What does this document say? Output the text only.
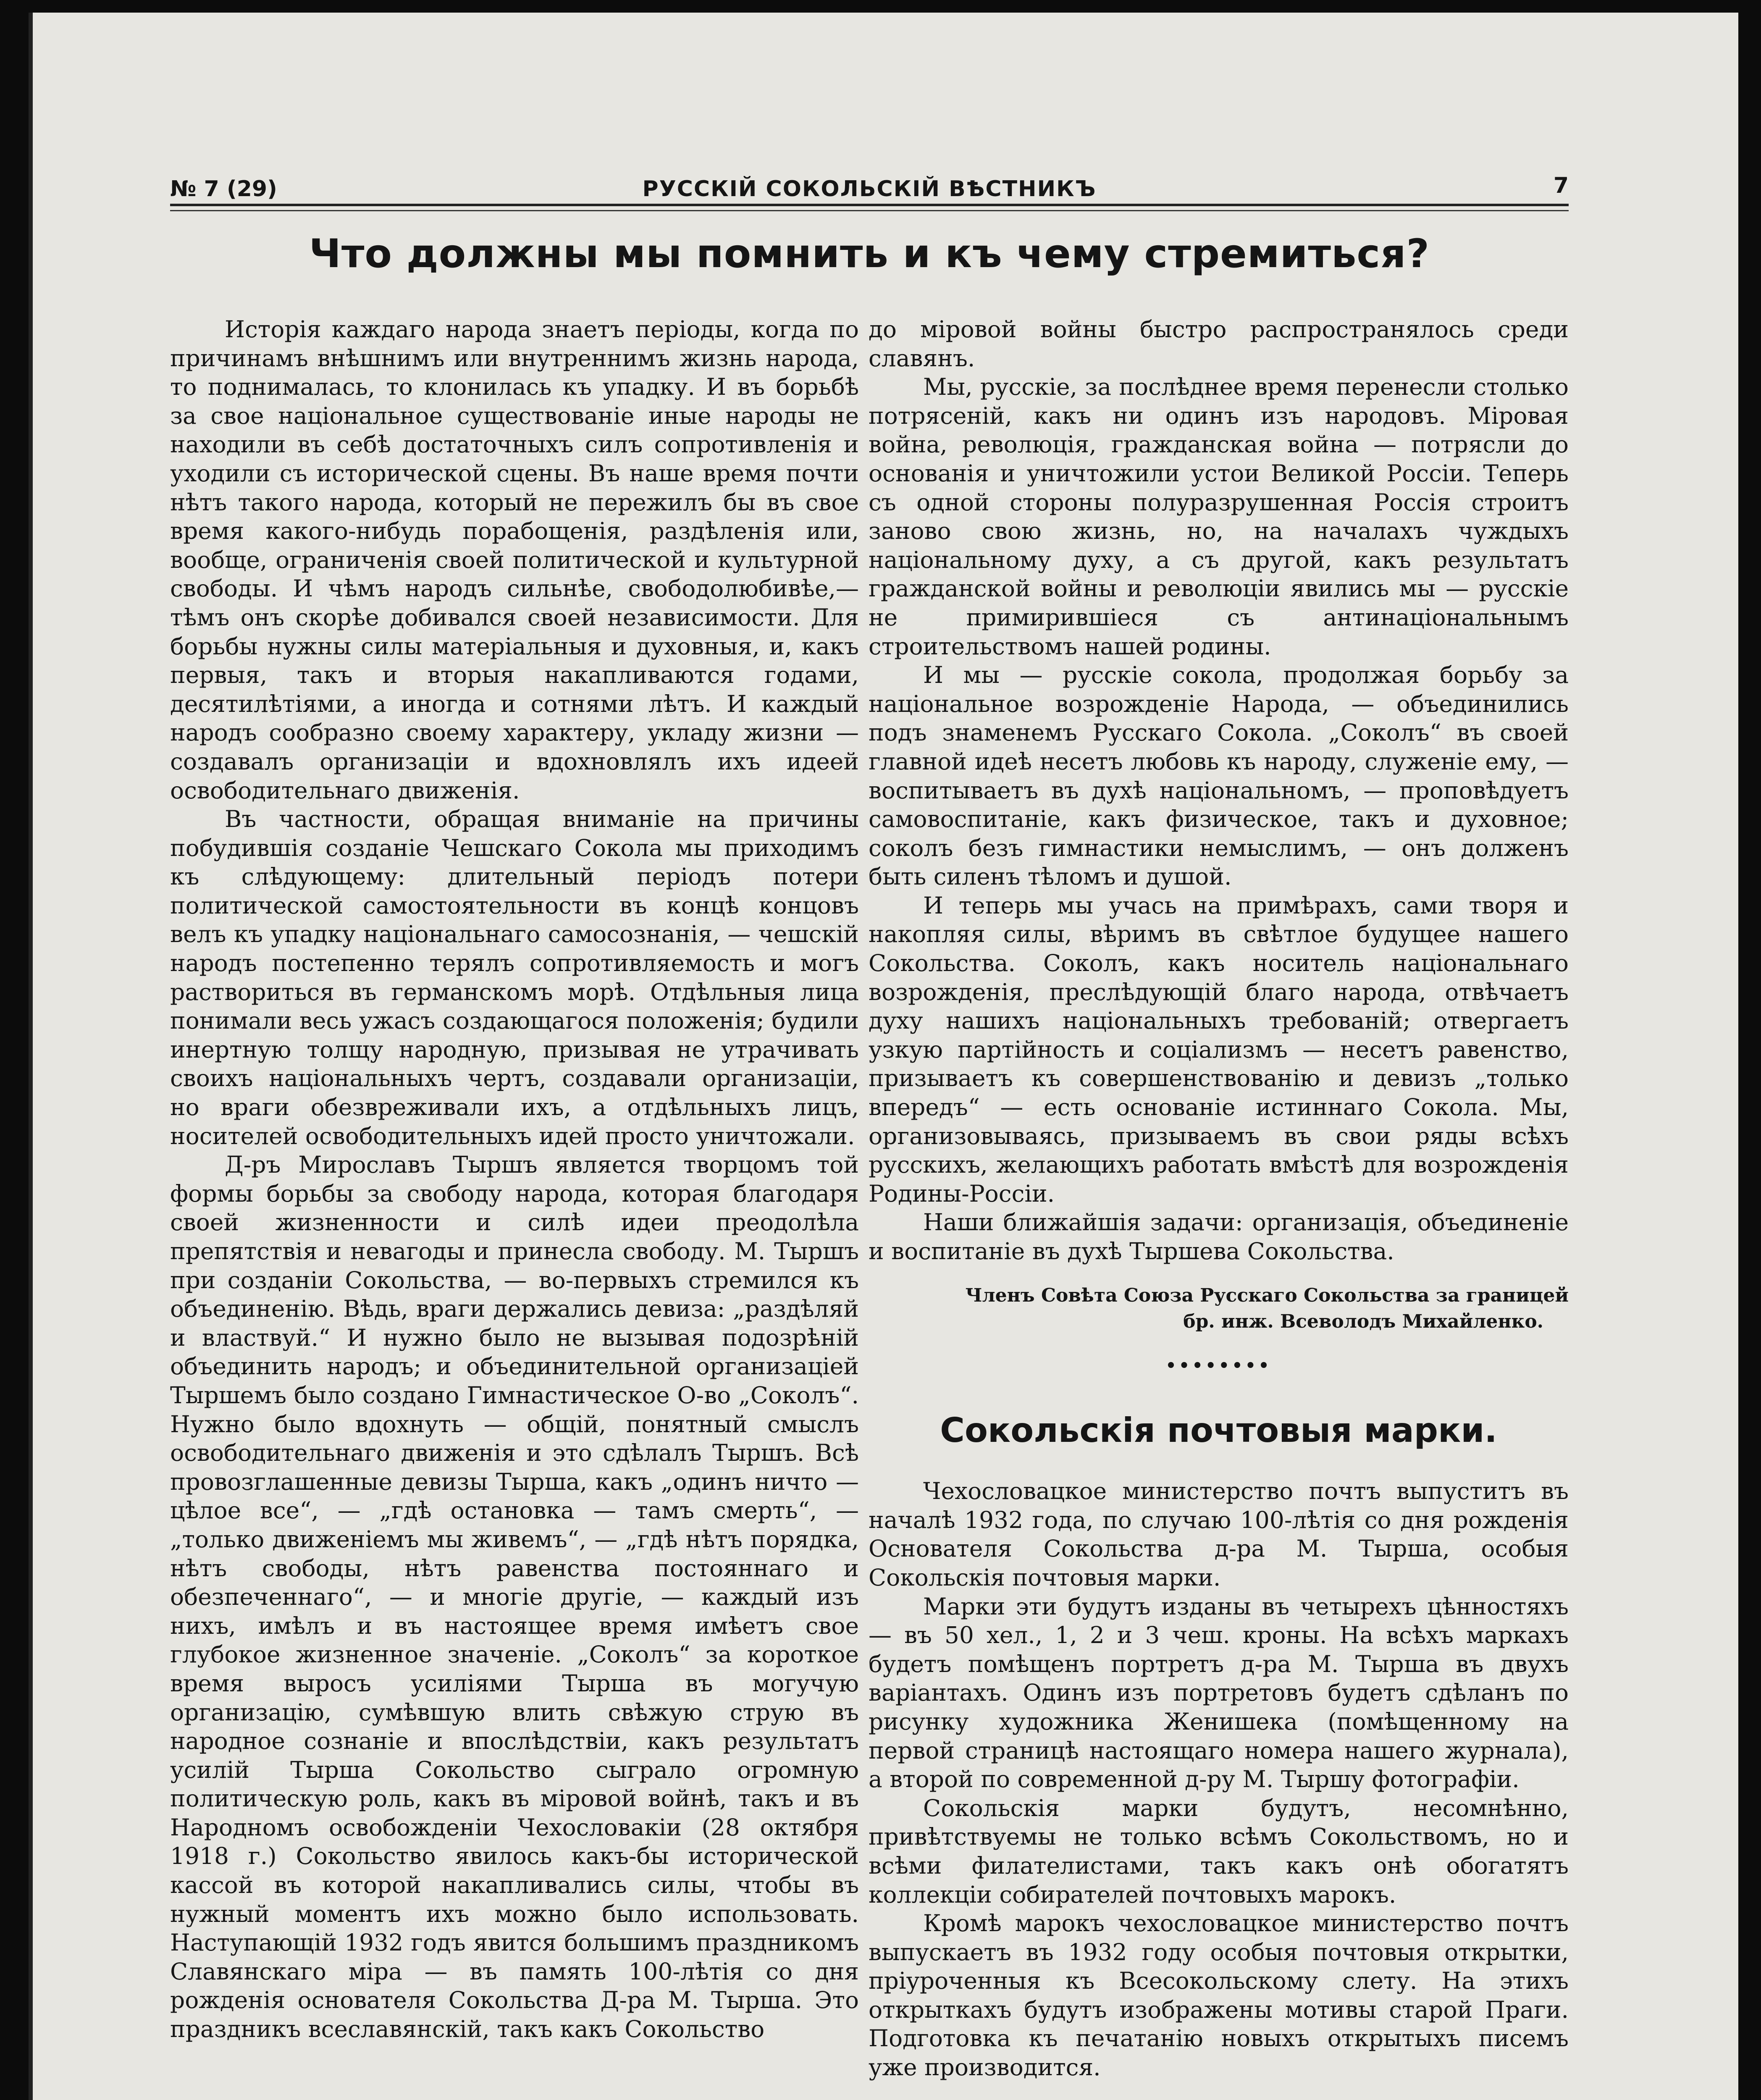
№ 7 (29)	РУССКIЙ СОКОЛЬСКIЙ ВѢСТНИКЪ	7
Что должны мы помнить и къ чему стремиться?

Исторія каждаго народа знаетъ періоды, когда по причинамъ внѣшнимъ или внутреннимъ жизнь народа, то поднималась, то клонилась къ упадку. И въ борьбѣ за свое національное существованіе иные народы не находили въ себѣ достаточныхъ силъ сопротивленія и уходили съ исторической сцены. Въ наше время почти нѣтъ такого народа, который не пережилъ бы въ свое время какого-нибудь порабощенія, раздѣленія или, вообще, ограниченія своей политической и культурной свободы. И чѣмъ народъ сильнѣе, свободолюбивѣе,—тѣмъ онъ скорѣе добивался своей независимости. Для борьбы нужны силы матеріальныя и духовныя, и, какъ первыя, такъ и вторыя накапливаются годами, десятилѣтіями, а иногда и сотнями лѣтъ. И каждый народъ сообразно своему характеру, укладу жизни — создавалъ организаціи и вдохновлялъ ихъ идеей освободительнаго движенія.

Въ частности, обращая вниманіе на причины побудившія созданіе Чешскаго Сокола мы приходимъ къ слѣдующему: длительный періодъ потери политической самостоятельности въ концѣ концовъ велъ къ упадку національнаго самосознанія, — чешскій народъ постепенно терялъ сопротивляемость и могъ раствориться въ германскомъ морѣ. Отдѣльныя лица понимали весь ужасъ создающагося положенія; будили инертную толщу народную, призывая не утрачивать своихъ національныхъ чертъ, создавали организаціи, но враги обезвреживали ихъ, а отдѣльныхъ лицъ, носителей освободительныхъ идей просто уничтожали.

Д-ръ Мирославъ Тыршъ является творцомъ той формы борьбы за свободу народа, которая благодаря своей жизненности и силѣ идеи преодолѣла препятствія и невагоды и принесла свободу. М. Тыршъ при созданіи Сокольства, — во-первыхъ стремился къ объединенію. Вѣдь, враги держались девиза: „раздѣляй и властвуй.“ И нужно было не вызывая подозрѣній объединить народъ; и объединительной организаціей Тыршемъ было создано Гимнастическое О-во „Соколъ“. Нужно было вдохнуть — общій, понятный смыслъ освободительнаго движенія и это сдѣлалъ Тыршъ. Всѣ провозглашенные девизы Тырша, какъ „одинъ ничто — цѣлое все“, — „гдѣ остановка — тамъ смерть“, — „только движеніемъ мы живемъ“, — „гдѣ нѣтъ порядка, нѣтъ свободы, нѣтъ равенства постояннаго и обезпеченнаго“, — и многіе другіе, — каждый изъ нихъ, имѣлъ и въ настоящее время имѣетъ свое глубокое жизненное значеніе. „Соколъ“ за короткое время выросъ усиліями Тырша въ могучую организацію, сумѣвшую влить свѣжую струю въ народное сознаніе и впослѣдствіи, какъ результатъ усилій Тырша Сокольство сыграло огромную политическую роль, какъ въ міровой войнѣ, такъ и въ Народномъ освобожденіи Чехословакіи (28 октября 1918 г.) Сокольство явилось какъ-бы исторической кассой въ которой накапливались силы, чтобы въ нужный моментъ ихъ можно было использовать. Наступающій 1932 годъ явится большимъ праздникомъ Славянскаго міра — въ память 100-лѣтія со дня рожденія основателя Сокольства Д-ра М. Тырша. Это праздникъ всеславянскій, такъ какъ Сокольство

до міровой войны быстро распространялось среди славянъ.

Мы, русскіе, за послѣднее время перенесли столько потрясеній, какъ ни одинъ изъ народовъ. Міровая война, революція, гражданская война — потрясли до основанія и уничтожили устои Великой Россіи. Теперь съ одной стороны полуразрушенная Россія строитъ заново свою жизнь, но, на началахъ чуждыхъ національному духу, а съ другой, какъ результатъ гражданской войны и революціи явились мы — русскіе не примирившіеся съ антинаціональнымъ строительствомъ нашей родины.

И мы — русскіе сокола, продолжая борьбу за національное возрожденіе Народа, — объединились подъ знаменемъ Русскаго Сокола. „Соколъ“ въ своей главной идеѣ несетъ любовь къ народу, служеніе ему, — воспитываетъ въ духѣ національномъ, — проповѣдуетъ самовоспитаніе, какъ физическое, такъ и духовное; соколъ безъ гимнастики немыслимъ, — онъ долженъ быть силенъ тѣломъ и душой.

И теперь мы учась на примѣрахъ, сами творя и накопляя силы, вѣримъ въ свѣтлое будущее нашего Сокольства. Соколъ, какъ носитель національнаго возрожденія, преслѣдующій благо народа, отвѣчаетъ духу нашихъ національныхъ требованій; отвергаетъ узкую партійность и соціализмъ — несетъ равенство, призываетъ къ совершенствованію и девизъ „только впередъ“ — есть основаніе истиннаго Сокола. Мы, организовываясь, призываемъ въ свои ряды всѣхъ русскихъ, желающихъ работать вмѣстѣ для возрожденія Родины-Россіи.

Наши ближайшія задачи: организація, объединеніе и воспитаніе въ духѣ Тыршева Сокольства.

Членъ Совѣта Союза Русскаго Сокольства за границей
бр. инж. Всеволодъ Михайленко.
••••••••
Сокольскія почтовыя марки.

Чехословацкое министерство почтъ выпуститъ въ началѣ 1932 года, по случаю 100-лѣтія со дня рожденія Основателя Сокольства д-ра М. Тырша, особыя Сокольскія почтовыя марки.

Марки эти будутъ изданы въ четырехъ цѣнностяхъ — въ 50 хел., 1, 2 и 3 чеш. кроны. На всѣхъ маркахъ будетъ помѣщенъ портретъ д-ра М. Тырша въ двухъ варіантахъ. Одинъ изъ портретовъ будетъ сдѣланъ по рисунку художника Женишека (помѣщенному на первой страницѣ настоящаго номера нашего журнала), а второй по современной д-ру М. Тыршу фотографіи.

Сокольскія марки будутъ, несомнѣнно, привѣтствуемы не только всѣмъ Сокольствомъ, но и всѣми филателистами, такъ какъ онѣ обогатятъ коллекціи собирателей почтовыхъ марокъ.

Кромѣ марокъ чехословацкое министерство почтъ выпускаетъ въ 1932 году особыя почтовыя открытки, пріуроченныя къ Всесокольскому слету. На этихъ открыткахъ будутъ изображены мотивы старой Праги. Подготовка къ печатанію новыхъ открытыхъ писемъ уже производится.
